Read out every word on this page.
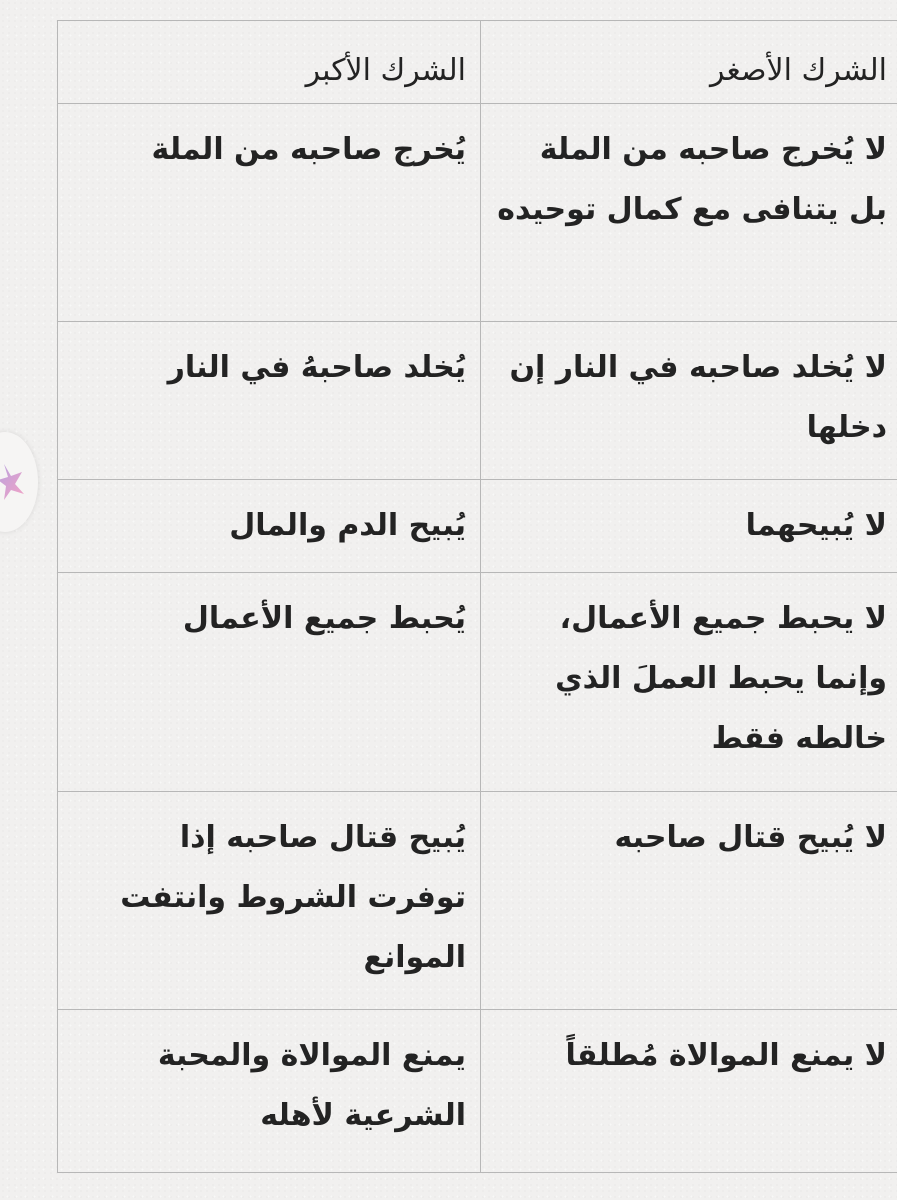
الشرك الأصغر	الشرك الأكبر
لا يُخرج صاحبه من الملة بل يتنافى مع كمال توحيده	يُخرج صاحبه من الملة
لا يُخلد صاحبه في النار إن دخلها	يُخلد صاحبهُ في النار
لا يُبيحهما	يُبيح الدم والمال
لا يحبط جميع الأعمال، وإنما يحبط العملَ الذي خالطه فقط	يُحبط جميع الأعمال
لا يُبيح قتال صاحبه	يُبيح قتال صاحبه إذا توفرت الشروط وانتفت الموانع
لا يمنع الموالاة مُطلقاً	يمنع الموالاة والمحبة الشرعية لأهله
